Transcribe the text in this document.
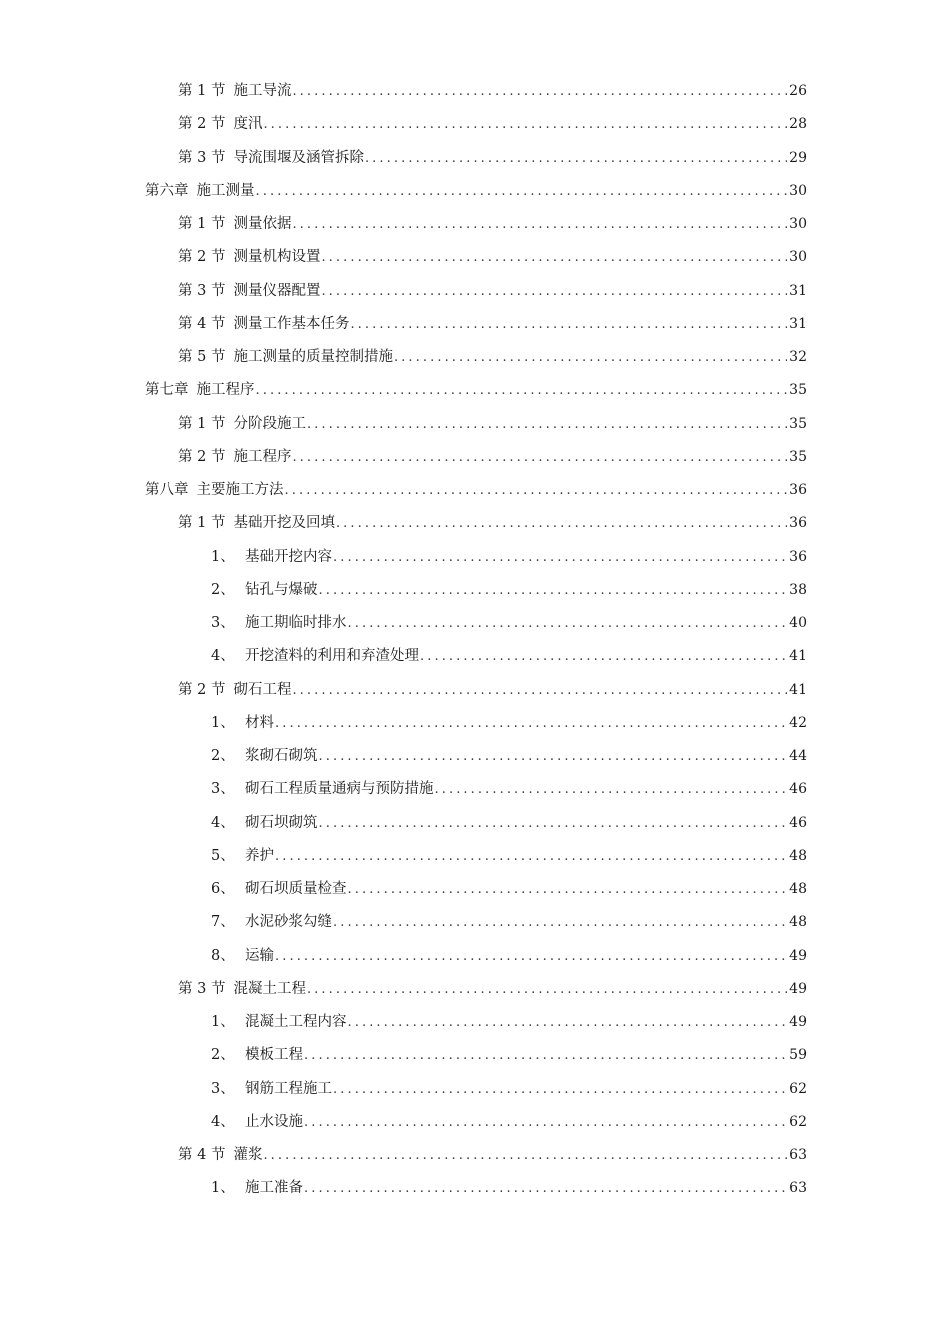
第 1 节 施工导流 .....	26
第 2 节 度汛 .....	28
第 3 节 导流围堰及涵管拆除 .....	29
第六章 施工测量 .....	30
第 1 节 测量依据 .....	30
第 2 节 测量机构设置 .....	30
第 3 节 测量仪器配置 .....	31
第 4 节 测量工作基本任务 .....	31
第 5 节 施工测量的质量控制措施 .....	32
第七章 施工程序 .....	35
第 1 节 分阶段施工 .....	35
第 2 节 施工程序 .....	35
第八章 主要施工方法 .....	36
第 1 节 基础开挖及回填 .....	36
1、 基础开挖内容 .....	36
2、 钻孔与爆破 .....	38
3、 施工期临时排水 .....	40
4、 开挖渣料的利用和弃渣处理 .....	41
第 2 节 砌石工程 .....	41
1、 材料 .....	42
2、 浆砌石砌筑 .....	44
3、 砌石工程质量通病与预防措施 .....	46
4、 砌石坝砌筑 .....	46
5、 养护 .....	48
6、 砌石坝质量检查 .....	48
7、 水泥砂浆勾缝 .....	48
8、 运输 .....	49
第 3 节 混凝土工程 .....	49
1、 混凝土工程内容 .....	49
2、 模板工程 .....	59
3、 钢筋工程施工 .....	62
4、 止水设施 .....	62
第 4 节 灌浆 .....	63
1、 施工准备 .....	63
